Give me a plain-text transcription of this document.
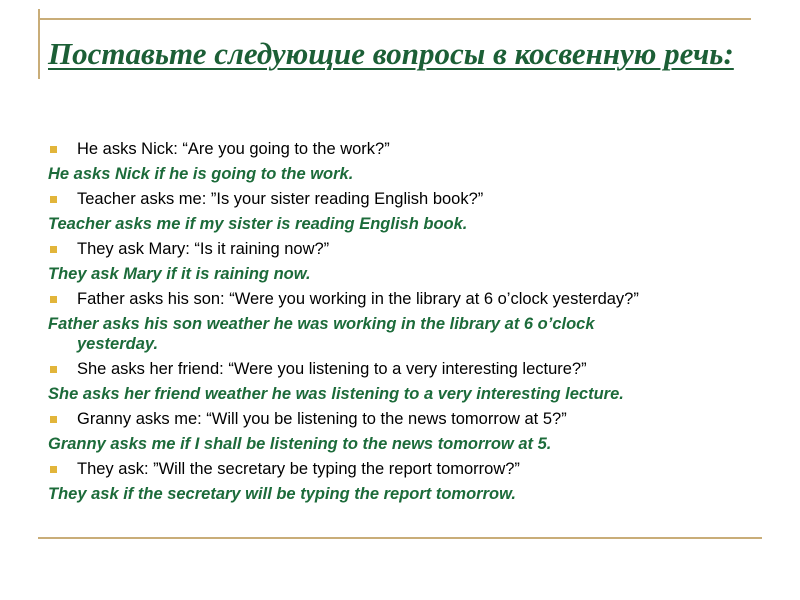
Поставьте следующие вопросы в косвенную речь:
He asks Nick: “Are you going to the work?”
He asks Nick if he is going to the work.
Teacher asks me: ”Is your sister reading English book?”
Teacher asks me if my sister is reading English book.
They ask Mary: “Is it raining now?”
They ask Mary if it is raining now.
Father asks his son: “Were you working in the library at 6 o’clock yesterday?”
Father asks his son weather he was working in the library at 6 o’clock
yesterday.
She asks her friend: “Were you listening to a very interesting lecture?”
She asks her friend weather he was listening to a very interesting lecture.
Granny asks me: “Will you be listening to the news tomorrow at 5?”
Granny asks me if I shall be listening to the news tomorrow at 5.
They ask: ”Will the secretary be typing the report tomorrow?”
They ask if the secretary will be typing the report tomorrow.
